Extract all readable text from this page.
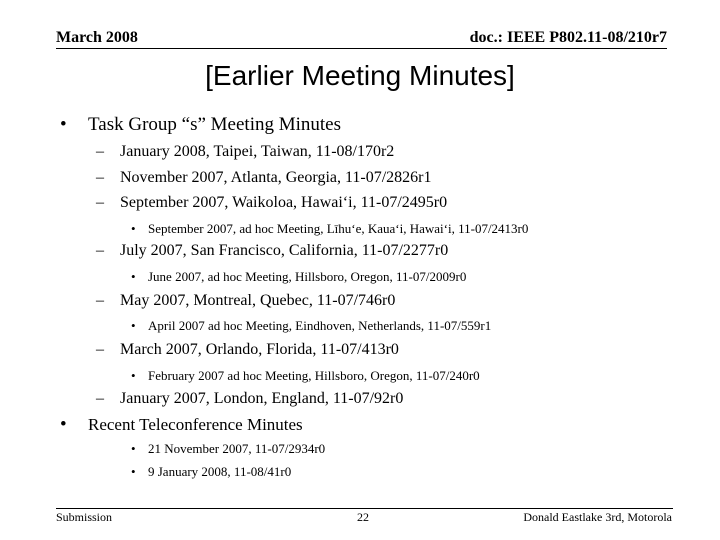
March 2008	doc.: IEEE P802.11-08/210r7
[Earlier Meeting Minutes]
• Task Group “s” Meeting Minutes
– January 2008, Taipei, Taiwan, 11-08/170r2
– November 2007, Atlanta, Georgia, 11-07/2826r1
– September 2007, Waikoloa, Hawai‘i, 11-07/2495r0
• September 2007, ad hoc Meeting, Līhu‘e, Kaua‘i, Hawai‘i, 11-07/2413r0
– July 2007, San Francisco, California, 11-07/2277r0
• June 2007, ad hoc Meeting, Hillsboro, Oregon, 11-07/2009r0
– May 2007, Montreal, Quebec, 11-07/746r0
• April 2007 ad hoc Meeting, Eindhoven, Netherlands, 11-07/559r1
– March 2007, Orlando, Florida, 11-07/413r0
• February 2007 ad hoc Meeting, Hillsboro, Oregon, 11-07/240r0
– January 2007, London, England, 11-07/92r0
• Recent Teleconference Minutes
• 21 November 2007, 11-07/2934r0
• 9 January 2008, 11-08/41r0
Submission	22	Donald Eastlake 3rd, Motorola
